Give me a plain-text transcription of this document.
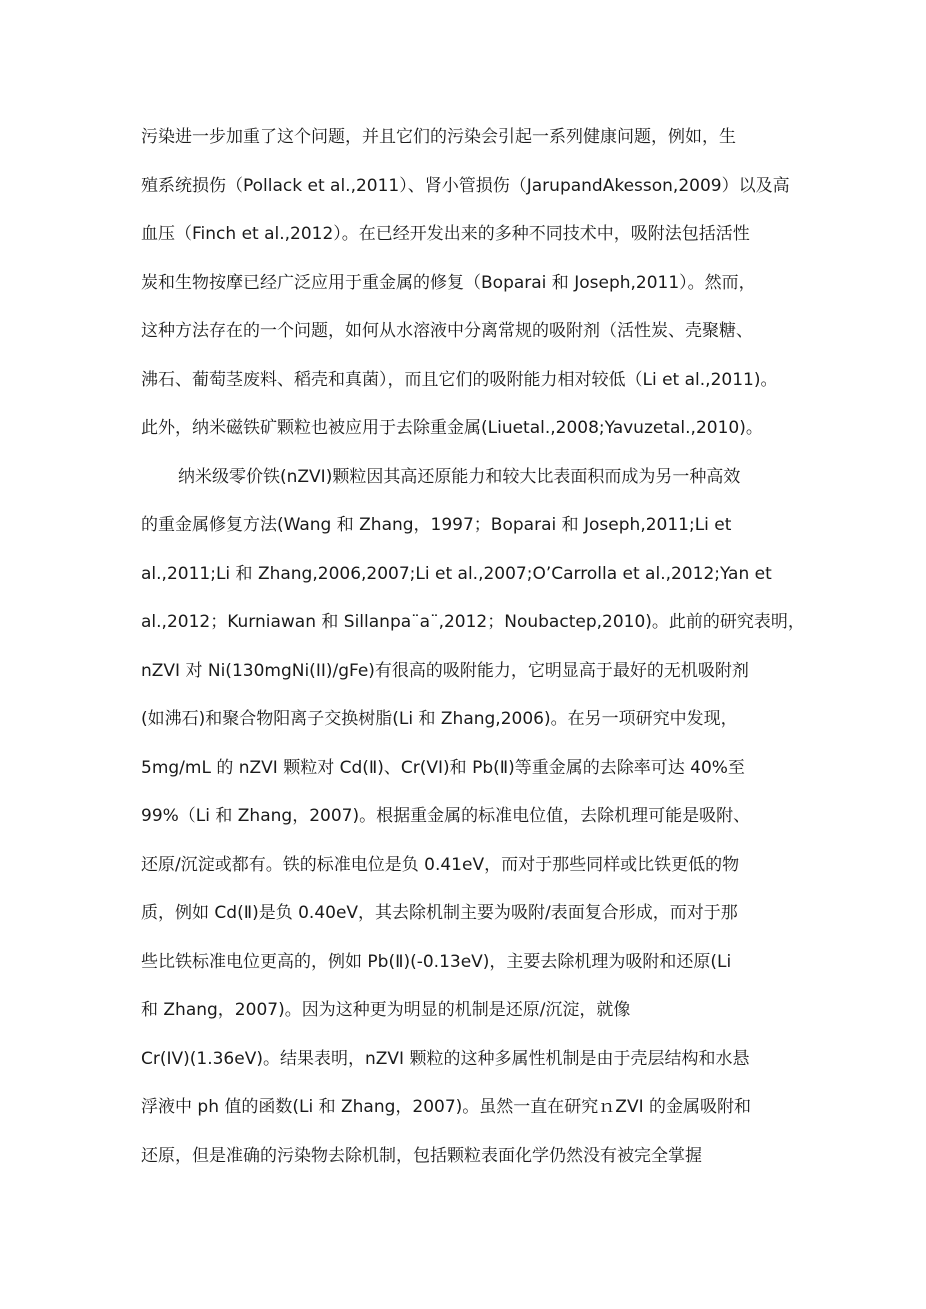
污染进一步加重了这个问题，并且它们的污染会引起一系列健康问题，例如，生
殖系统损伤（Pollack et al.,2011）、肾小管损伤（JarupandAkesson,2009）以及高
血压（Finch et al.,2012）。在已经开发出来的多种不同技术中，吸附法包括活性
炭和生物按摩已经广泛应用于重金属的修复（Boparai 和 Joseph,2011）。然而，
这种方法存在的一个问题，如何从水溶液中分离常规的吸附剂（活性炭、壳聚糖、
沸石、葡萄茎废料、稻壳和真菌），而且它们的吸附能力相对较低（Li et al.,2011)。
此外，纳米磁铁矿颗粒也被应用于去除重金属(Liuetal.,2008;Yavuzetal.,2010)。
纳米级零价铁(nZVI)颗粒因其高还原能力和较大比表面积而成为另一种高效
的重金属修复方法(Wang 和 Zhang，1997；Boparai 和 Joseph,2011;Li et
al.,2011;Li 和 Zhang,2006,2007;Li et al.,2007;O’Carrolla et al.,2012;Yan et
al.,2012；Kurniawan 和 Sillanpa¨a¨,2012；Noubactep,2010)。此前的研究表明，
nZVI 对 Ni(130mgNi(II)/gFe)有很高的吸附能力，它明显高于最好的无机吸附剂
(如沸石)和聚合物阳离子交换树脂(Li 和 Zhang,2006)。在另一项研究中发现，
5mg/mL 的 nZVI 颗粒对 Cd(Ⅱ)、Cr(VI)和 Pb(Ⅱ)等重金属的去除率可达 40%至
99%（Li 和 Zhang，2007)。根据重金属的标准电位值，去除机理可能是吸附、
还原/沉淀或都有。铁的标准电位是负 0.41eV，而对于那些同样或比铁更低的物
质，例如 Cd(Ⅱ)是负 0.40eV，其去除机制主要为吸附/表面复合形成，而对于那
些比铁标准电位更高的，例如 Pb(Ⅱ)(-0.13eV)，主要去除机理为吸附和还原(Li
和 Zhang，2007)。因为这种更为明显的机制是还原/沉淀，就像
Cr(IV)(1.36eV)。结果表明，nZVI 颗粒的这种多属性机制是由于壳层结构和水悬
浮液中 ph 值的函数(Li 和 Zhang，2007)。虽然一直在研究ｎZVI 的金属吸附和
还原，但是准确的污染物去除机制，包括颗粒表面化学仍然没有被完全掌握
